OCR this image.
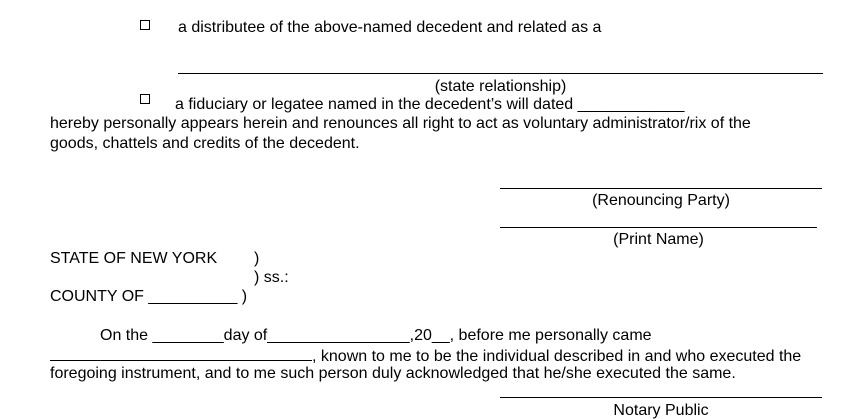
a distributee of the above-named decedent and related as a
(state relationship)
a fiduciary or legatee named in the decedent’s will dated ____________
hereby personally appears herein and renounces all right to act as voluntary administrator/rix of the
goods, chattels and credits of the decedent.
(Renouncing Party)
(Print Name)
STATE OF NEW YORK )
) ss.:
COUNTY OF __________ )
On the ________day of________________,20__, before me personally came
, known to me to be the individual described in and who executed the
foregoing instrument, and to me such person duly acknowledged that he/she executed the same.
Notary Public
